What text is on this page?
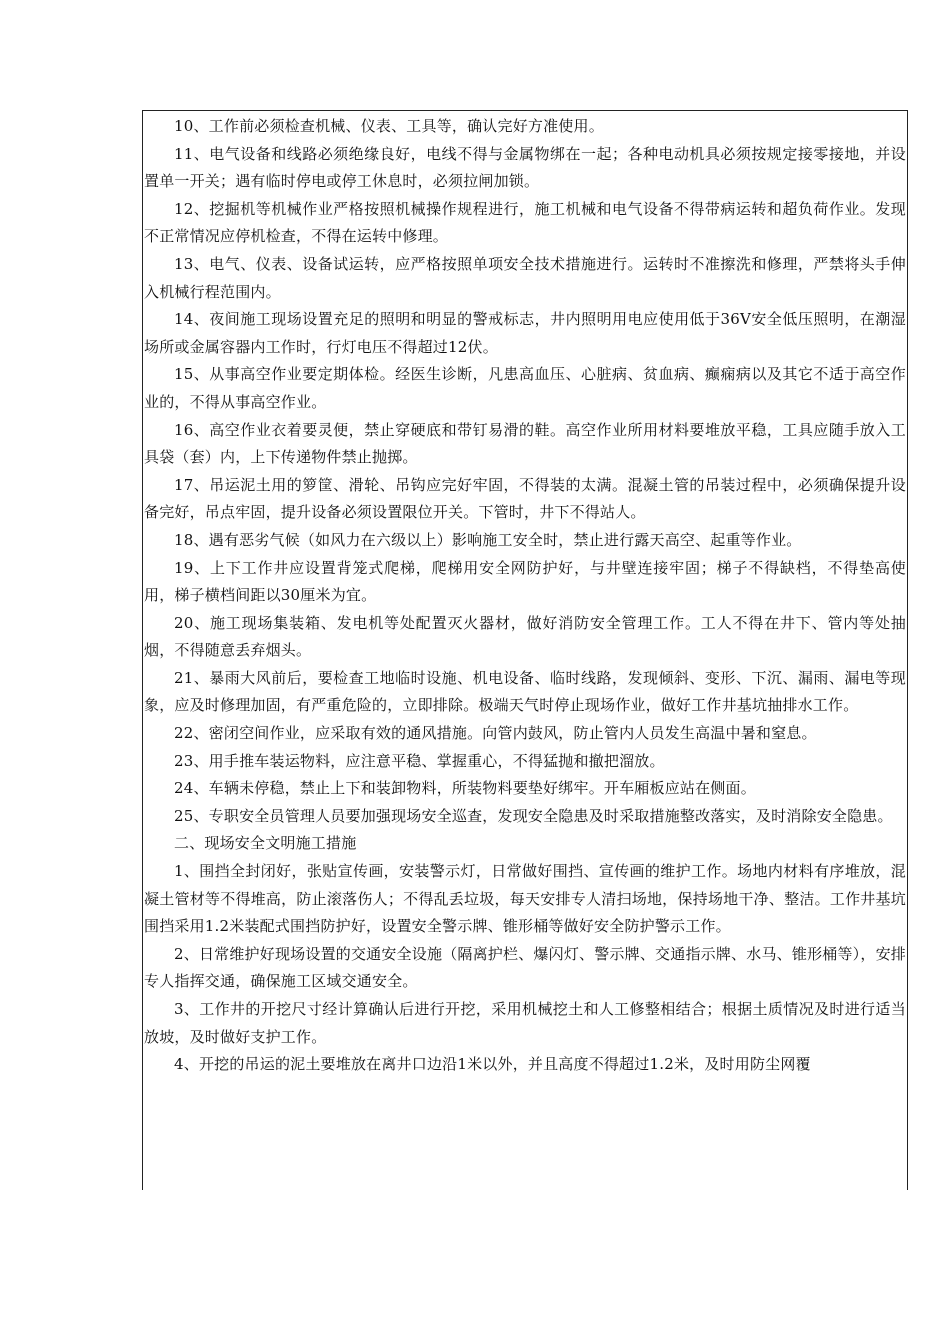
10、工作前必须检查机械、仪表、工具等，确认完好方准使用。

11、电气设备和线路必须绝缘良好，电线不得与金属物绑在一起；各种电动机具必须按规定接零接地，并设置单一开关；遇有临时停电或停工休息时，必须拉闸加锁。

12、挖掘机等机械作业严格按照机械操作规程进行，施工机械和电气设备不得带病运转和超负荷作业。发现不正常情况应停机检查，不得在运转中修理。

13、电气、仪表、设备试运转，应严格按照单项安全技术措施进行。运转时不准擦洗和修理，严禁将头手伸入机械行程范围内。

14、夜间施工现场设置充足的照明和明显的警戒标志，井内照明用电应使用低于36V安全低压照明，在潮湿场所或金属容器内工作时，行灯电压不得超过12伏。

15、从事高空作业要定期体检。经医生诊断，凡患高血压、心脏病、贫血病、癫痫病以及其它不适于高空作业的，不得从事高空作业。

16、高空作业衣着要灵便，禁止穿硬底和带钉易滑的鞋。高空作业所用材料要堆放平稳，工具应随手放入工具袋（套）内，上下传递物件禁止抛掷。

17、吊运泥土用的箩筐、滑轮、吊钩应完好牢固，不得装的太满。混凝土管的吊装过程中，必须确保提升设备完好，吊点牢固，提升设备必须设置限位开关。下管时，井下不得站人。

18、遇有恶劣气候（如风力在六级以上）影响施工安全时，禁止进行露天高空、起重等作业。

19、上下工作井应设置背笼式爬梯，爬梯用安全网防护好，与井壁连接牢固；梯子不得缺档，不得垫高使用，梯子横档间距以30厘米为宜。

20、施工现场集装箱、发电机等处配置灭火器材，做好消防安全管理工作。工人不得在井下、管内等处抽烟，不得随意丢弃烟头。

21、暴雨大风前后，要检查工地临时设施、机电设备、临时线路，发现倾斜、变形、下沉、漏雨、漏电等现象，应及时修理加固，有严重危险的，立即排除。极端天气时停止现场作业，做好工作井基坑抽排水工作。

22、密闭空间作业，应采取有效的通风措施。向管内鼓风，防止管内人员发生高温中暑和窒息。

23、用手推车装运物料，应注意平稳、掌握重心，不得猛抛和撤把溜放。

24、车辆未停稳，禁止上下和装卸物料，所装物料要垫好绑牢。开车厢板应站在侧面。

25、专职安全员管理人员要加强现场安全巡查，发现安全隐患及时采取措施整改落实，及时消除安全隐患。

二、现场安全文明施工措施

1、围挡全封闭好，张贴宣传画，安装警示灯，日常做好围挡、宣传画的维护工作。场地内材料有序堆放，混凝土管材等不得堆高，防止滚落伤人；不得乱丢垃圾，每天安排专人清扫场地，保持场地干净、整洁。工作井基坑围挡采用1.2米装配式围挡防护好，设置安全警示牌、锥形桶等做好安全防护警示工作。

2、日常维护好现场设置的交通安全设施（隔离护栏、爆闪灯、警示牌、交通指示牌、水马、锥形桶等），安排专人指挥交通，确保施工区域交通安全。

3、工作井的开挖尺寸经计算确认后进行开挖，采用机械挖土和人工修整相结合；根据土质情况及时进行适当放坡，及时做好支护工作。

4、开挖的吊运的泥土要堆放在离井口边沿1米以外，并且高度不得超过1.2米，及时用防尘网覆
